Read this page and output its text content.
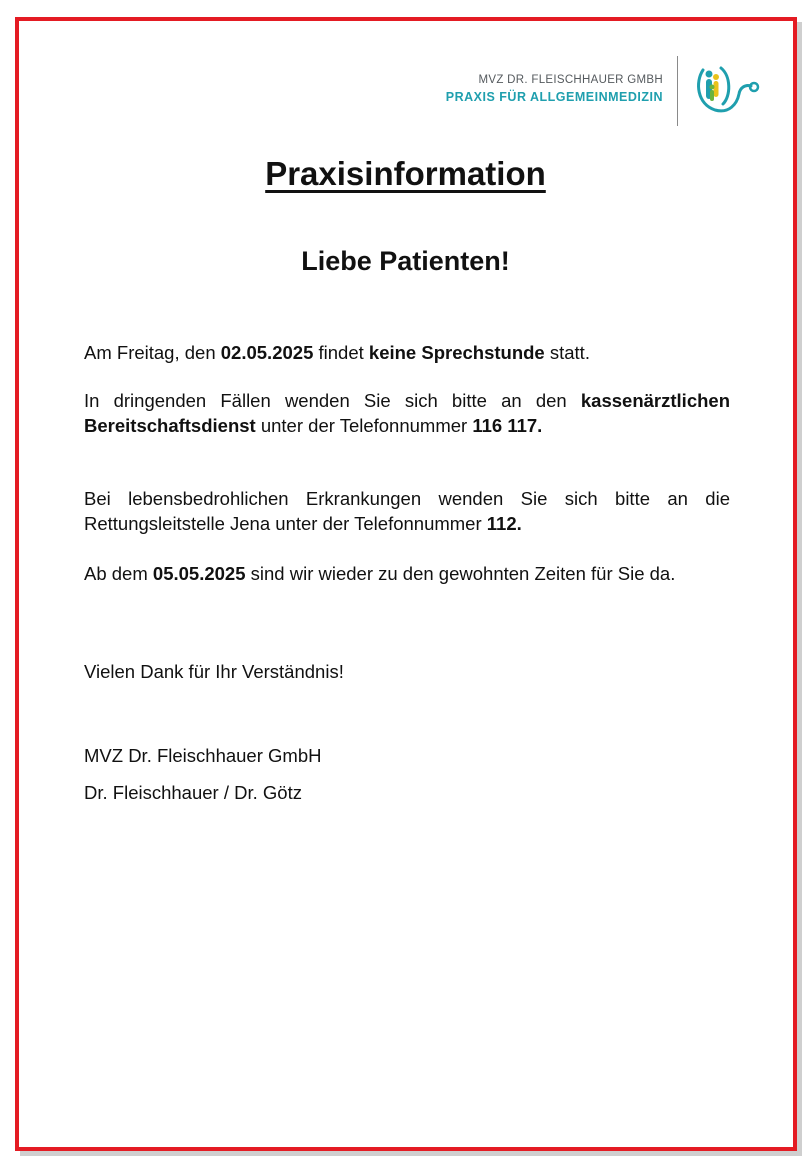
MVZ DR. FLEISCHHAUER GMBH
PRAXIS FÜR ALLGEMEINMEDIZIN
Praxisinformation
Liebe Patienten!
Am Freitag, den 02.05.2025 findet keine Sprechstunde statt.
In dringenden Fällen wenden Sie sich bitte an den kassenärztlichen Bereitschaftsdienst unter der Telefonnummer 116 117.
Bei lebensbedrohlichen Erkrankungen wenden Sie sich bitte an die Rettungsleitstelle Jena unter der Telefonnummer 112.
Ab dem 05.05.2025 sind wir wieder zu den gewohnten Zeiten für Sie da.
Vielen Dank für Ihr Verständnis!
MVZ Dr. Fleischhauer GmbH
Dr. Fleischhauer / Dr. Götz
